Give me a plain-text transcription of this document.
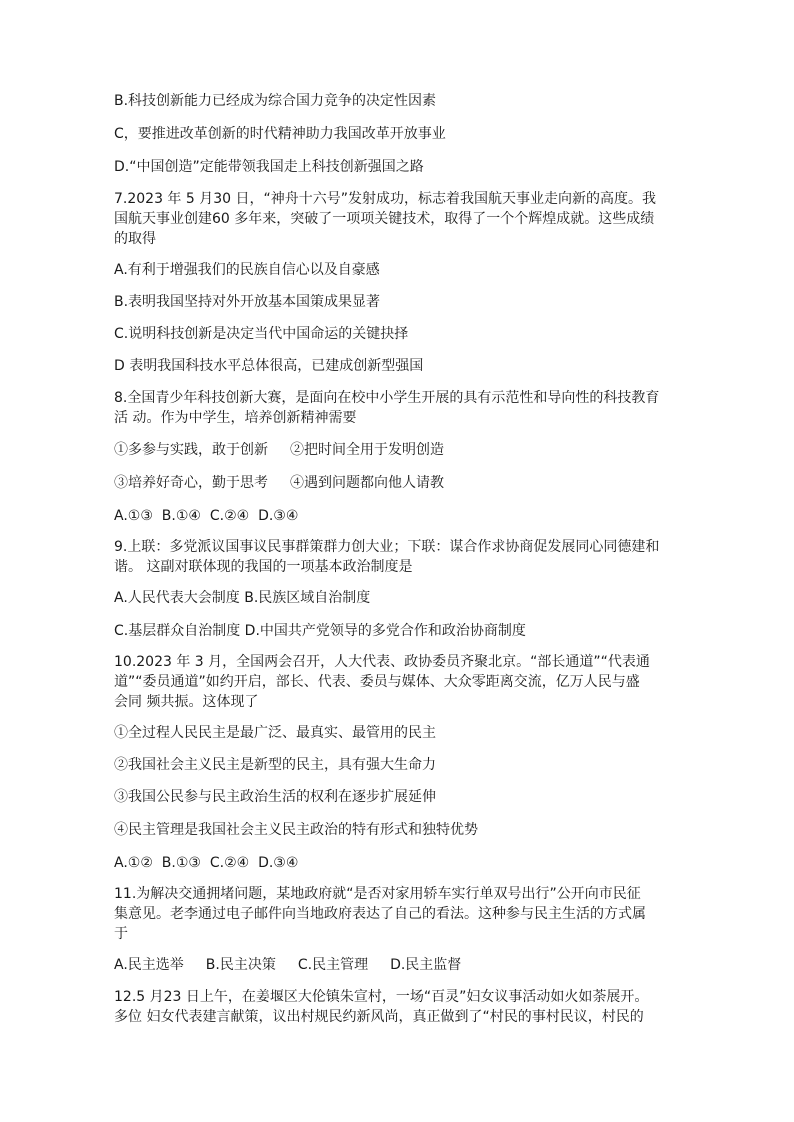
B.科技创新能力已经成为综合国力竞争的决定性因素
C，要推进改革创新的时代精神助力我国改革开放事业
D.“中国创造”定能带领我国走上科技创新强国之路
7.2023 年 5 月30 日，“神舟十六号”发射成功，标志着我国航天事业走向新的高度。我
国航天事业创建60 多年来，突破了一项项关键技术，取得了一个个辉煌成就。这些成绩
的取得
A.有利于增强我们的民族自信心以及自豪感
B.表明我国坚持对外开放基本国策成果显著
C.说明科技创新是决定当代中国命运的关键抉择
D 表明我国科技水平总体很高，已建成创新型强国
8.全国青少年科技创新大赛，是面向在校中小学生开展的具有示范性和导向性的科技教育
活 动。作为中学生，培养创新精神需要
①多参与实践，敢于创新 ②把时间全用于发明创造
③培养好奇心，勤于思考 ④遇到问题都向他人请教
A.①③  B.①④  C.②④  D.③④
9.上联：多党派议国事议民事群策群力创大业；下联：谋合作求协商促发展同心同德建和
谐。 这副对联体现的我国的一项基本政治制度是
A.人民代表大会制度 B.民族区域自治制度
C.基层群众自治制度 D.中国共产党领导的多党合作和政治协商制度
10.2023 年 3 月，全国两会召开，人大代表、政协委员齐聚北京。“部长通道”“代表通
道”“委员通道”如约开启，部长、代表、委员与媒体、大众零距离交流，亿万人民与盛
会同 频共振。这体现了
①全过程人民民主是最广泛、最真实、最管用的民主
②我国社会主义民主是新型的民主，具有强大生命力
③我国公民参与民主政治生活的权利在逐步扩展延伸
④民主管理是我国社会主义民主政治的特有形式和独特优势
A.①②  B.①③  C.②④  D.③④
11.为解决交通拥堵问题，某地政府就“是否对家用轿车实行单双号出行”公开向市民征
集意见。老李通过电子邮件向当地政府表达了自己的看法。这种参与民主生活的方式属
于
A.民主选举 B.民主决策 C.民主管理 D.民主监督
12.5 月23 日上午，在姜堰区大伦镇朱宣村，一场“百灵”妇女议事活动如火如荼展开。
多位 妇女代表建言献策，议出村规民约新风尚，真正做到了“村民的事村民议，村民的
